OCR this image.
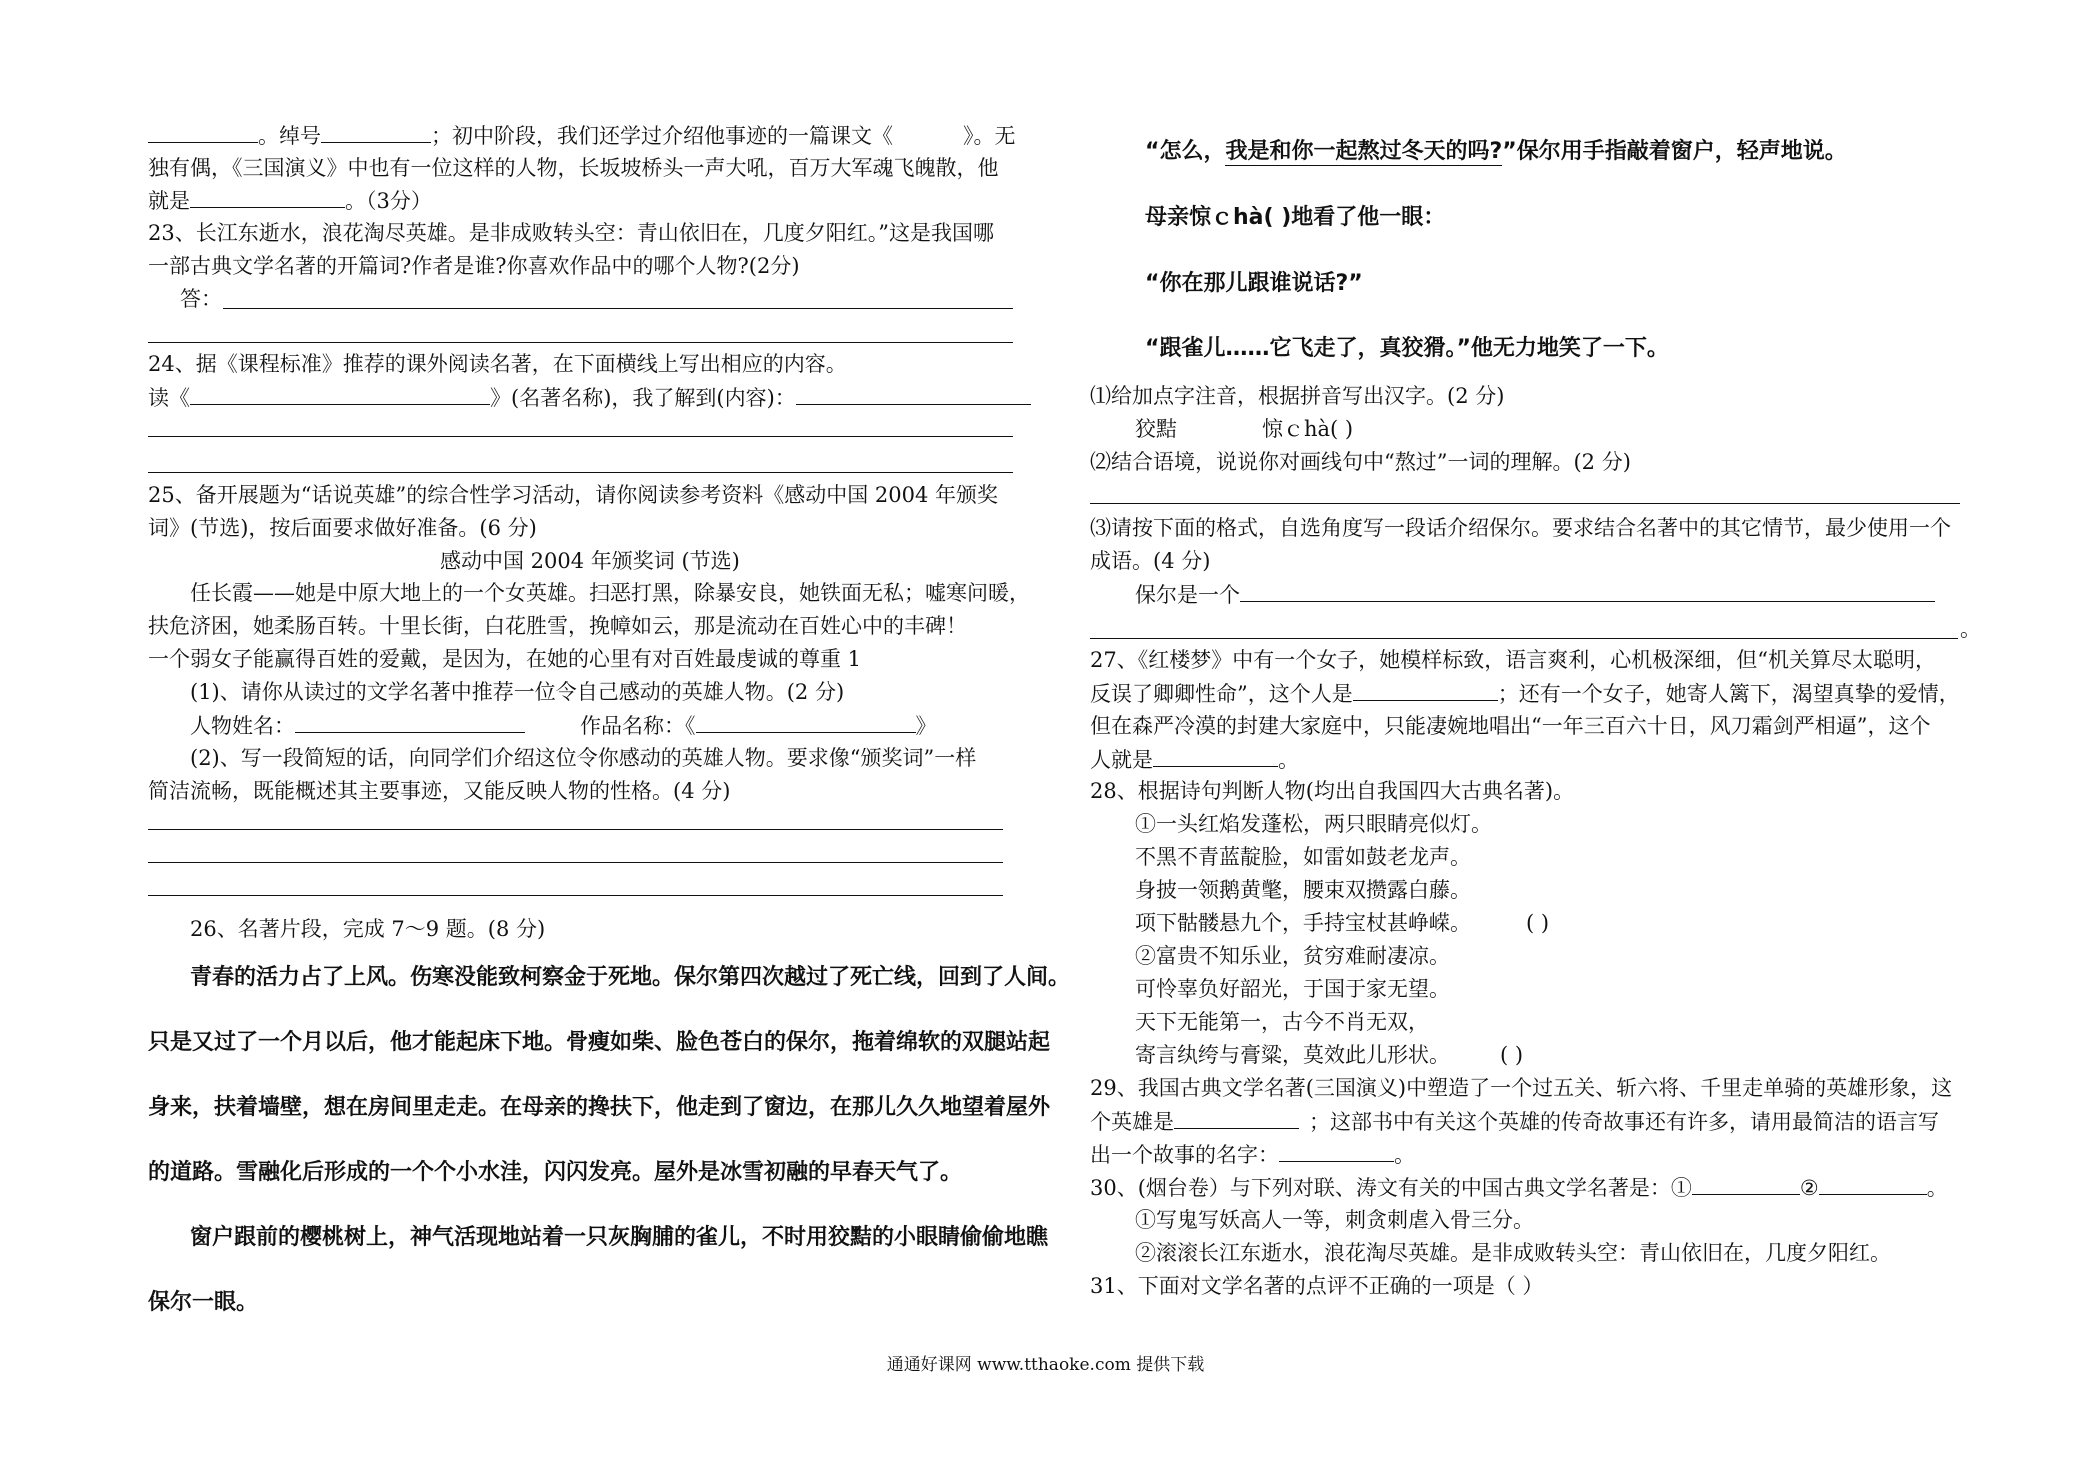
。绰号	；初中阶段，我们还学过介绍他事迹的一篇课文《	》。无
独有偶，《三国演义》中也有一位这样的人物，长坂坡桥头一声大吼，百万大军魂飞魄散，他
就是	。（3分）
23、长江东逝水，浪花淘尽英雄。是非成败转头空：青山依旧在，几度夕阳红。”这是我国哪
一部古典文学名著的开篇词?作者是谁?你喜欢作品中的哪个人物?(2分)
答：
24、据《课程标准》推荐的课外阅读名著，在下面横线上写出相应的内容。
读《	》(名著名称)，我了解到(内容)：
25、备开展题为“话说英雄”的综合性学习活动，请你阅读参考资料《感动中国 2004 年颁奖
词》(节选)，按后面要求做好准备。(6 分)
感动中国 2004 年颁奖词 (节选)
任长霞——她是中原大地上的一个女英雄。扫恶打黑，除暴安良，她铁面无私；嘘寒问暖，
扶危济困，她柔肠百转。十里长街，白花胜雪，挽幛如云，那是流动在百姓心中的丰碑！
一个弱女子能赢得百姓的爱戴，是因为，在她的心里有对百姓最虔诚的尊重 1
(1)、请你从读过的文学名著中推荐一位令自己感动的英雄人物。(2 分)
人物姓名：	作品名称：《	》
(2)、写一段简短的话，向同学们介绍这位令你感动的英雄人物。要求像“颁奖词”一样
简洁流畅，既能概述其主要事迹，又能反映人物的性格。(4 分)
26、名著片段，完成 7～9 题。(8 分)
青春的活力占了上风。伤寒没能致柯察金于死地。保尔第四次越过了死亡线，回到了人间。
只是又过了一个月以后，他才能起床下地。骨瘦如柴、脸色苍白的保尔，拖着绵软的双腿站起
身来，扶着墙壁，想在房间里走走。在母亲的搀扶下，他走到了窗边，在那儿久久地望着屋外
的道路。雪融化后形成的一个个小水洼，闪闪发亮。屋外是冰雪初融的早春天气了。
窗户跟前的樱桃树上，神气活现地站着一只灰胸脯的雀儿，不时用狡黠的小眼睛偷偷地瞧
保尔一眼。
“怎么，我是和你一起熬过冬天的吗?”保尔用手指敲着窗户，轻声地说。
母亲惊ｃhà( )地看了他一眼：
“你在那儿跟谁说话?”
“跟雀儿……它飞走了，真狡猾。”他无力地笑了一下。
⑴给加点字注音，根据拼音写出汉字。(2 分)
狡黠	惊ｃhà( )
⑵结合语境，说说你对画线句中“熬过”一词的理解。(2 分)
⑶请按下面的格式，自选角度写一段话介绍保尔。要求结合名著中的其它情节，最少使用一个
成语。(4 分)
保尔是一个
。
27、《红楼梦》中有一个女子，她模样标致，语言爽利，心机极深细，但“机关算尽太聪明，
反误了卿卿性命”，这个人是	；还有一个女子，她寄人篱下，渴望真挚的爱情，
但在森严冷漠的封建大家庭中，只能凄婉地唱出“一年三百六十日，风刀霜剑严相逼”，这个
人就是	。
28、根据诗句判断人物(均出自我国四大古典名著)。
①一头红焰发蓬松，两只眼睛亮似灯。
不黑不青蓝靛脸，如雷如鼓老龙声。
身披一领鹅黄氅，腰束双攒露白藤。
项下骷髅悬九个，手持宝杖甚峥嵘。	( )
②富贵不知乐业，贫穷难耐凄凉。
可怜辜负好韶光，于国于家无望。
天下无能第一，古今不肖无双，
寄言纨绔与膏粱，莫效此儿形状。 ( )
29、我国古典文学名著(三国演义)中塑造了一个过五关、斩六将、千里走单骑的英雄形象，这
个英雄是	；这部书中有关这个英雄的传奇故事还有许多，请用最简洁的语言写
出一个故事的名字：	。
30、(烟台卷）与下列对联、涛文有关的中国古典文学名著是：①	②	。
①写鬼写妖高人一等，刺贪刺虐入骨三分。
②滚滚长江东逝水，浪花淘尽英雄。是非成败转头空：青山依旧在，几度夕阳红。
31、下面对文学名著的点评不正确的一项是（ ）
通通好课网 www.tthaoke.com 提供下载
